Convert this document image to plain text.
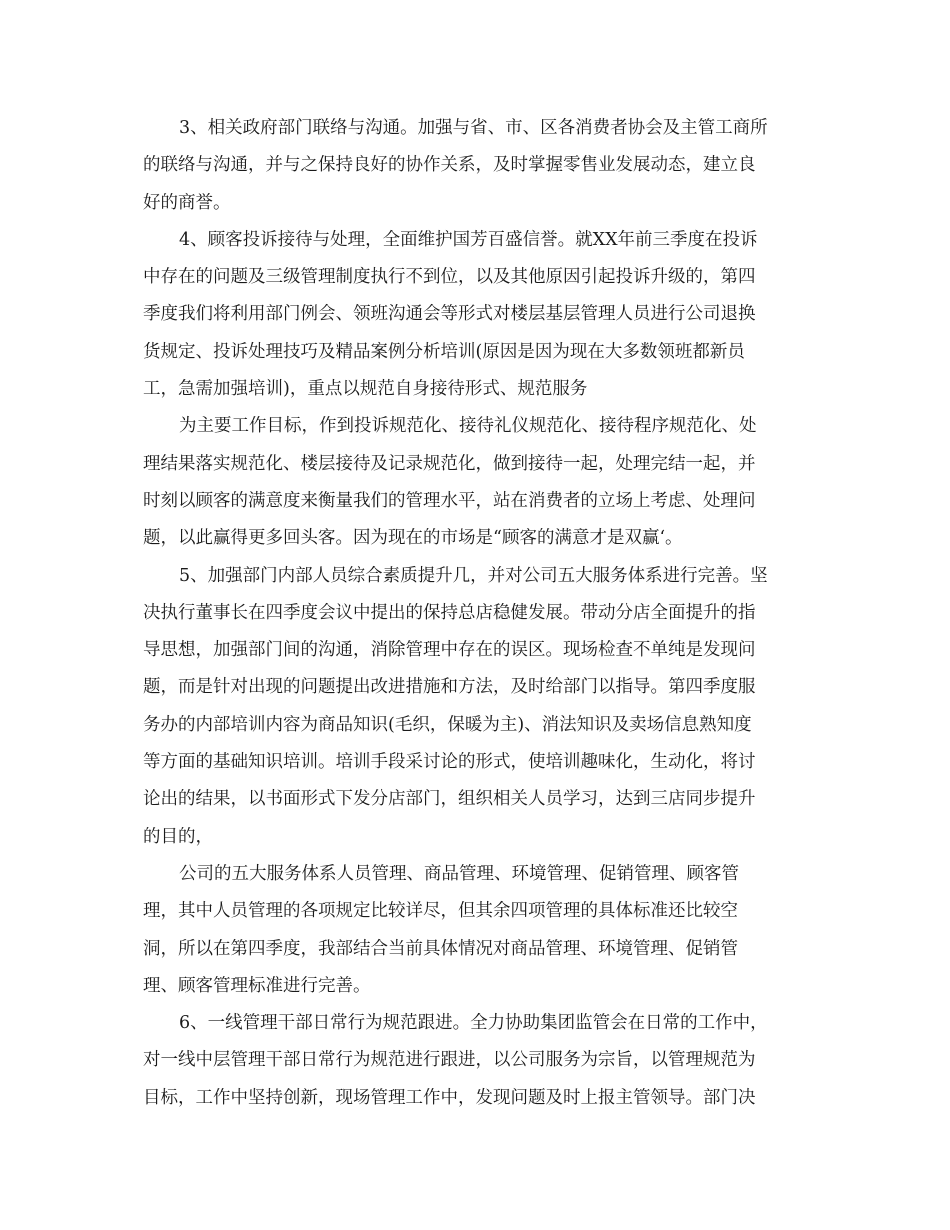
3、相关政府部门联络与沟通。加强与省、市、区各消费者协会及主管工商所
的联络与沟通，并与之保持良好的协作关系，及时掌握零售业发展动态，建立良
好的商誉。
4、顾客投诉接待与处理，全面维护国芳百盛信誉。就XX年前三季度在投诉
中存在的问题及三级管理制度执行不到位，以及其他原因引起投诉升级的，第四
季度我们将利用部门例会、领班沟通会等形式对楼层基层管理人员进行公司退换
货规定、投诉处理技巧及精品案例分析培训(原因是因为现在大多数领班都新员
工，急需加强培训)，重点以规范自身接待形式、规范服务
为主要工作目标，作到投诉规范化、接待礼仪规范化、接待程序规范化、处
理结果落实规范化、楼层接待及记录规范化，做到接待一起，处理完结一起，并
时刻以顾客的满意度来衡量我们的管理水平，站在消费者的立场上考虑、处理问
题，以此赢得更多回头客。因为现在的市场是“顾客的满意才是双赢‘。
5、加强部门内部人员综合素质提升几，并对公司五大服务体系进行完善。坚
决执行董事长在四季度会议中提出的保持总店稳健发展。带动分店全面提升的指
导思想，加强部门间的沟通，消除管理中存在的误区。现场检查不单纯是发现问
题，而是针对出现的问题提出改进措施和方法，及时给部门以指导。第四季度服
务办的内部培训内容为商品知识(毛织，保暖为主)、消法知识及卖场信息熟知度
等方面的基础知识培训。培训手段采讨论的形式，使培训趣味化，生动化，将讨
论出的结果，以书面形式下发分店部门，组织相关人员学习，达到三店同步提升
的目的，
公司的五大服务体系人员管理、商品管理、环境管理、促销管理、顾客管
理，其中人员管理的各项规定比较详尽，但其余四项管理的具体标准还比较空
洞，所以在第四季度，我部结合当前具体情况对商品管理、环境管理、促销管
理、顾客管理标准进行完善。
6、一线管理干部日常行为规范跟进。全力协助集团监管会在日常的工作中，
对一线中层管理干部日常行为规范进行跟进，以公司服务为宗旨，以管理规范为
目标，工作中坚持创新，现场管理工作中，发现问题及时上报主管领导。部门决
